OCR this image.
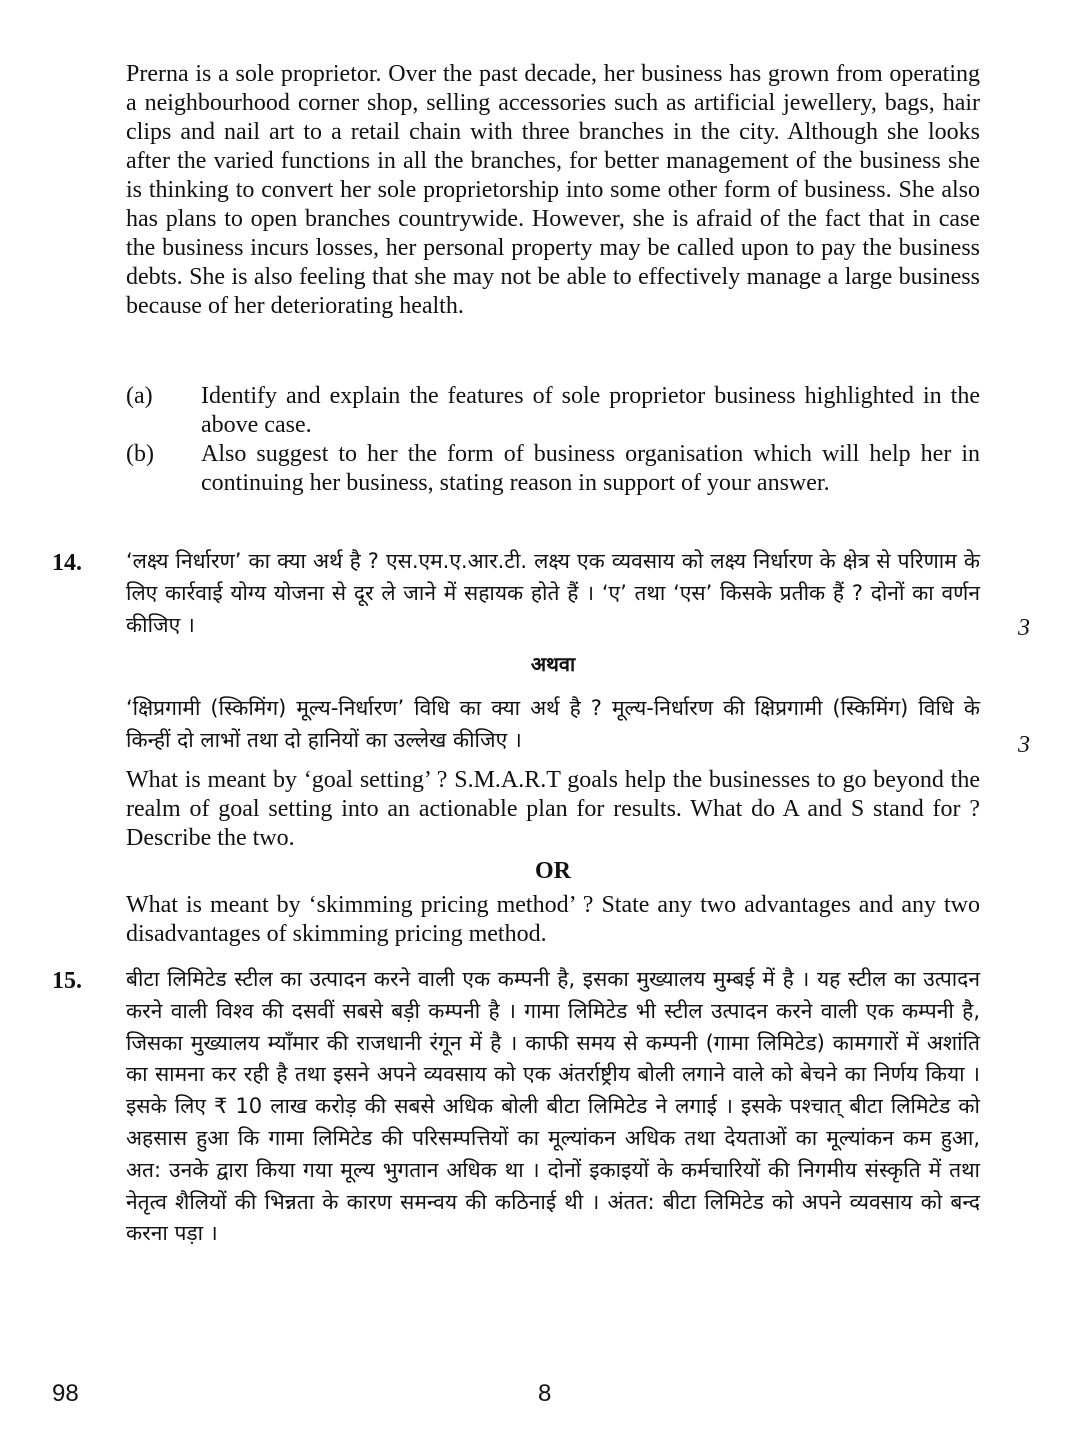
Prerna is a sole proprietor. Over the past decade, her business has grown from operating a neighbourhood corner shop, selling accessories such as artificial jewellery, bags, hair clips and nail art to a retail chain with three branches in the city. Although she looks after the varied functions in all the branches, for better management of the business she is thinking to convert her sole proprietorship into some other form of business. She also has plans to open branches countrywide. However, she is afraid of the fact that in case the business incurs losses, her personal property may be called upon to pay the business debts. She is also feeling that she may not be able to effectively manage a large business because of her deteriorating health.
(a) Identify and explain the features of sole proprietor business highlighted in the above case.
(b) Also suggest to her the form of business organisation which will help her in continuing her business, stating reason in support of your answer.
14. ‘लक्ष्य निर्धारण’ का क्या अर्थ है ? एस.एम.ए.आर.टी. लक्ष्य एक व्यवसाय को लक्ष्य निर्धारण के क्षेत्र से परिणाम के लिए कार्रवाई योग्य योजना से दूर ले जाने में सहायक होते हैं । ‘ए’ तथा ‘एस’ किसके प्रतीक हैं ? दोनों का वर्णन कीजिए ।	3
अथवा
‘क्षिप्रगामी (स्किमिंग) मूल्य-निर्धारण’ विधि का क्या अर्थ है ? मूल्य-निर्धारण की क्षिप्रगामी (स्किमिंग) विधि के किन्हीं दो लाभों तथा दो हानियों का उल्लेख कीजिए ।	3
What is meant by ‘goal setting’ ? S.M.A.R.T goals help the businesses to go beyond the realm of goal setting into an actionable plan for results. What do A and S stand for ? Describe the two.
OR
What is meant by ‘skimming pricing method’ ? State any two advantages and any two disadvantages of skimming pricing method.
15. बीटा लिमिटेड स्टील का उत्पादन करने वाली एक कम्पनी है, इसका मुख्यालय मुम्बई में है । यह स्टील का उत्पादन करने वाली विश्व की दसवीं सबसे बड़ी कम्पनी है । गामा लिमिटेड भी स्टील उत्पादन करने वाली एक कम्पनी है, जिसका मुख्यालय म्याँमार की राजधानी रंगून में है । काफी समय से कम्पनी (गामा लिमिटेड) कामगारों में अशांति का सामना कर रही है तथा इसने अपने व्यवसाय को एक अंतर्राष्ट्रीय बोली लगाने वाले को बेचने का निर्णय किया । इसके लिए ₹ 10 लाख करोड़ की सबसे अधिक बोली बीटा लिमिटेड ने लगाई । इसके पश्चात् बीटा लिमिटेड को अहसास हुआ कि गामा लिमिटेड की परिसम्पत्तियों का मूल्यांकन अधिक तथा देयताओं का मूल्यांकन कम हुआ, अत: उनके द्वारा किया गया मूल्य भुगतान अधिक था । दोनों इकाइयों के कर्मचारियों की निगमीय संस्कृति में तथा नेतृत्व शैलियों की भिन्नता के कारण समन्वय की कठिनाई थी । अंतत: बीटा लिमिटेड को अपने व्यवसाय को बन्द करना पड़ा ।
98	8
